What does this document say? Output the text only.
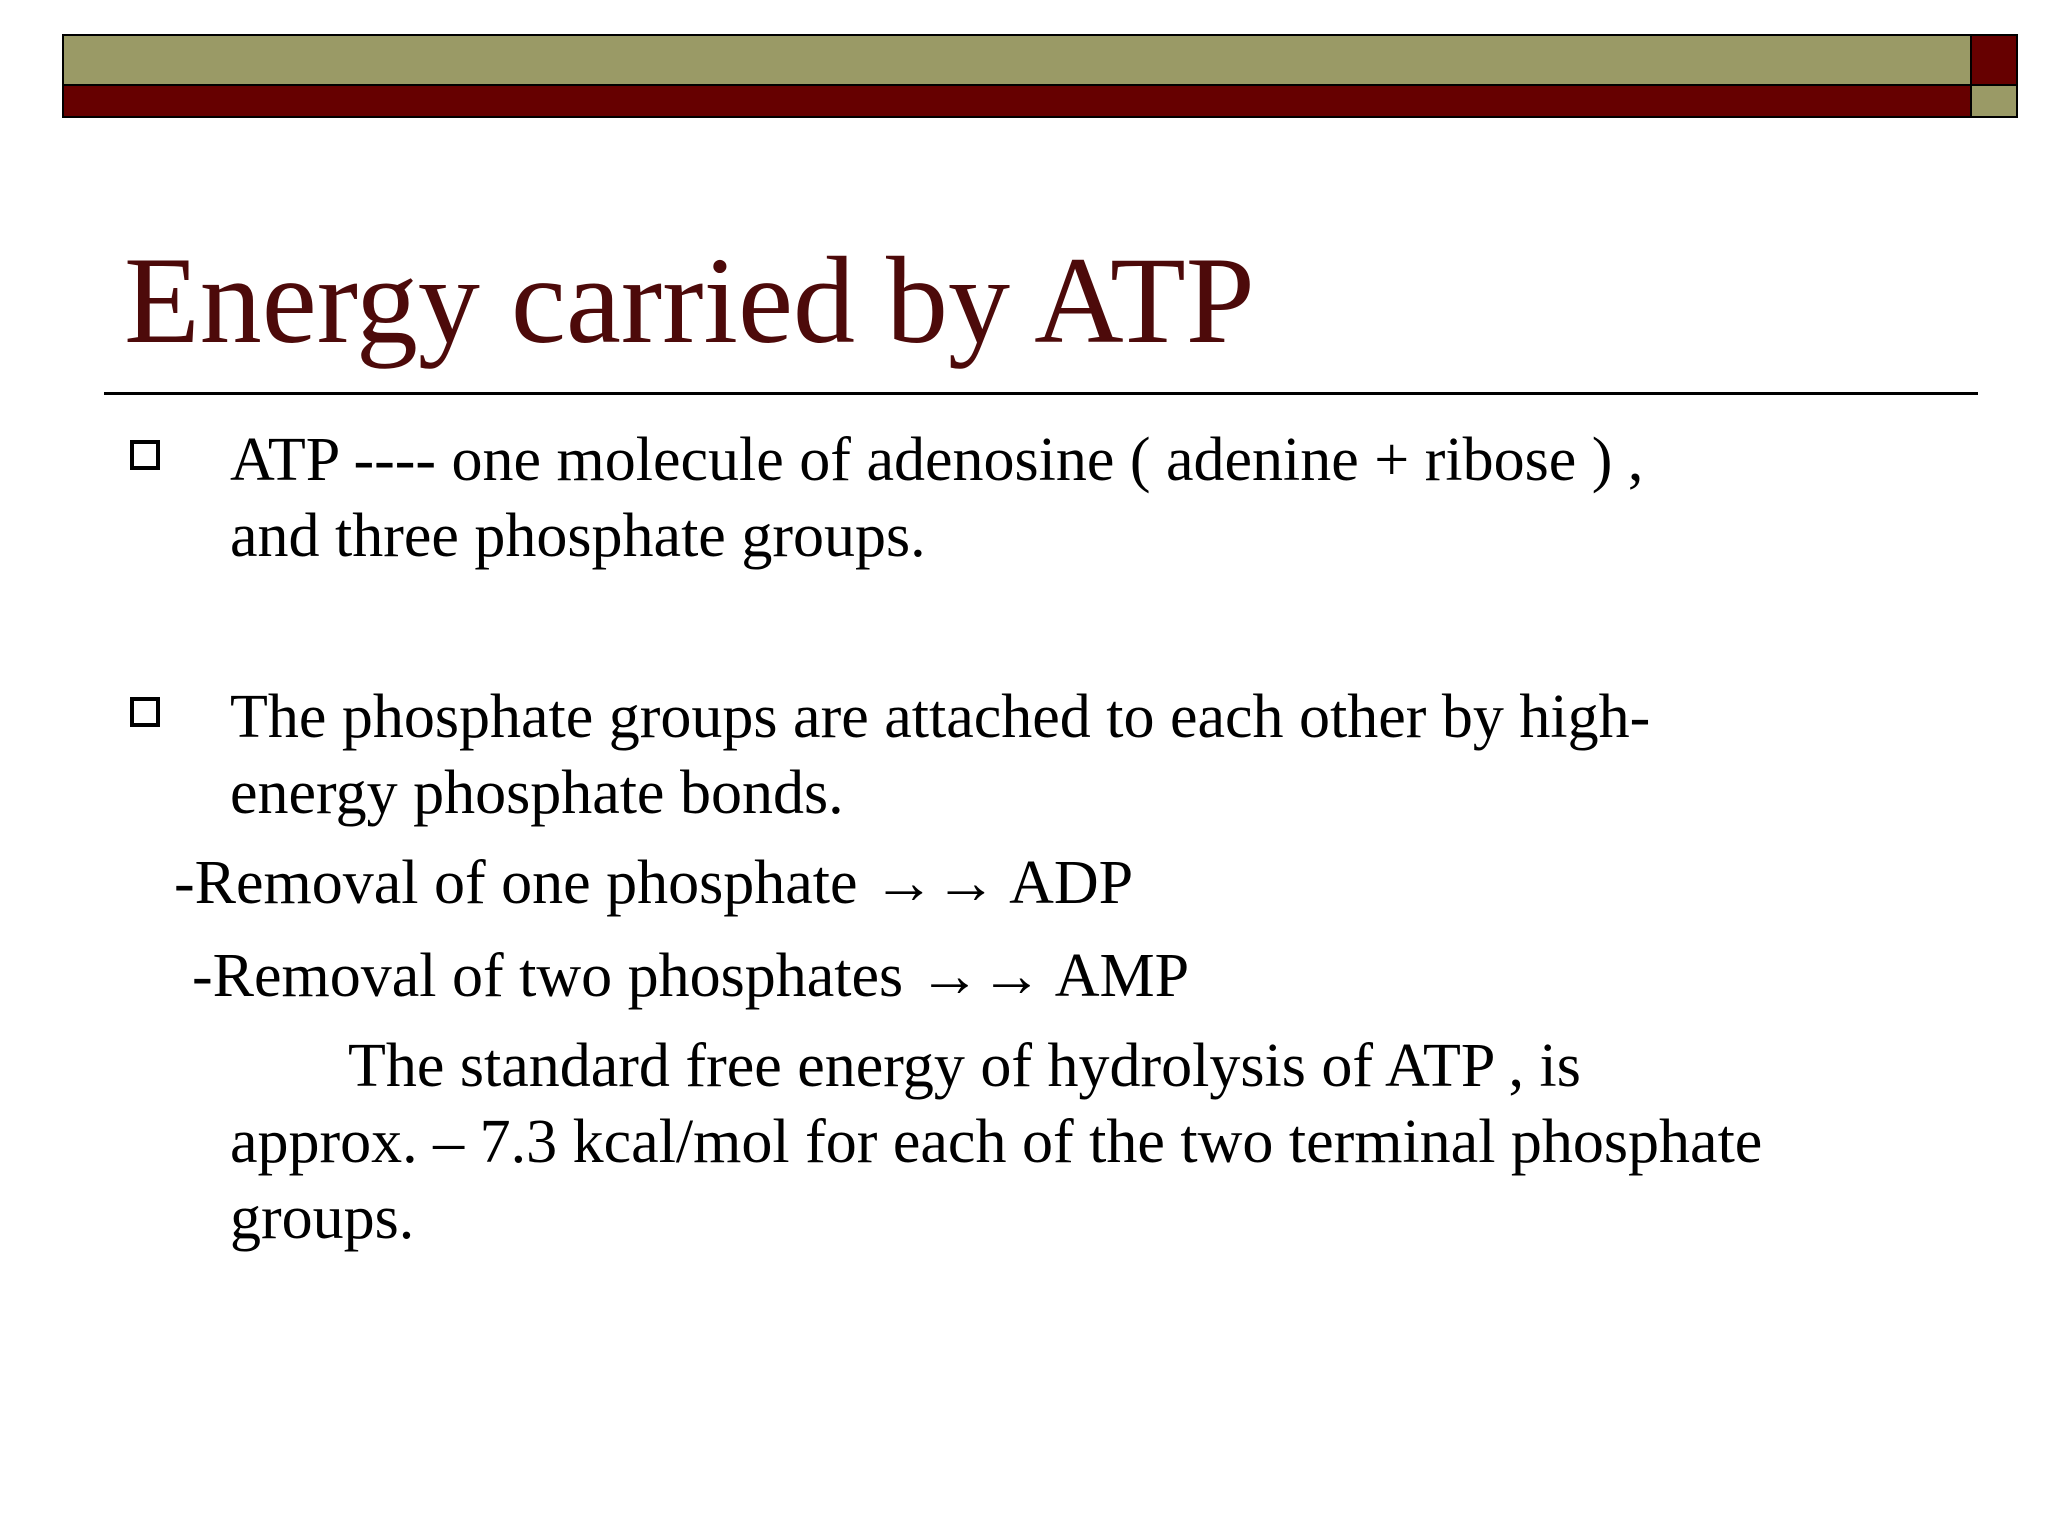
Energy carried by ATP
ATP ---- one molecule of adenosine ( adenine + ribose ) ,
and three phosphate groups.
The phosphate groups are attached to each other by high-
energy phosphate bonds.
-Removal of one phosphate →→ ADP
-Removal of two phosphates →→ AMP
The standard free energy of hydrolysis of ATP , is
approx. – 7.3 kcal/mol for each of the two terminal phosphate
groups.
